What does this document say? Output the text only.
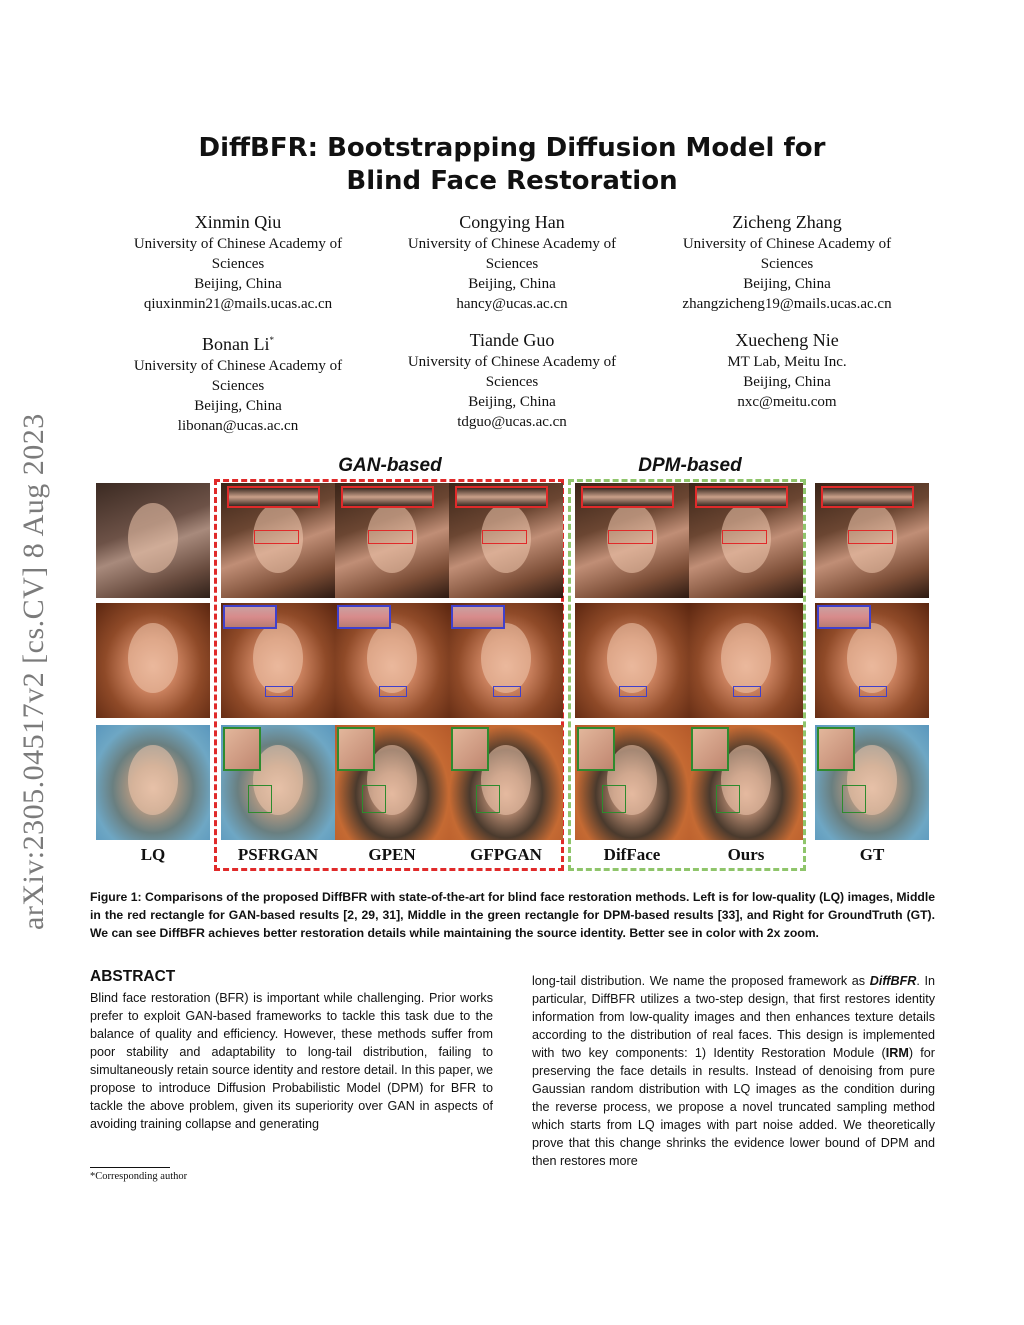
arXiv:2305.04517v2 [cs.CV] 8 Aug 2023
DiffBFR: Bootstrapping Diffusion Model for
Blind Face Restoration
Xinmin Qiu
University of Chinese Academy of
Sciences
Beijing, China
qiuxinmin21@mails.ucas.ac.cn
Congying Han
University of Chinese Academy of
Sciences
Beijing, China
hancy@ucas.ac.cn
Zicheng Zhang
University of Chinese Academy of
Sciences
Beijing, China
zhangzicheng19@mails.ucas.ac.cn
Bonan Li*
University of Chinese Academy of
Sciences
Beijing, China
libonan@ucas.ac.cn
Tiande Guo
University of Chinese Academy of
Sciences
Beijing, China
tdguo@ucas.ac.cn
Xuecheng Nie
MT Lab, Meitu Inc.
Beijing, China
nxc@meitu.com
GAN-based	DPM-based
LQ	PSFRGAN	GPEN	GFPGAN	DifFace	Ours	GT
Figure 1: Comparisons of the proposed DiffBFR with state-of-the-art for blind face restoration methods. Left is for low-quality (LQ) images, Middle in the red rectangle for GAN-based results [2, 29, 31], Middle in the green rectangle for DPM-based results [33], and Right for GroundTruth (GT). We can see DiffBFR achieves better restoration details while maintaining the source identity. Better see in color with 2x zoom.
ABSTRACT

Blind face restoration (BFR) is important while challenging. Prior works prefer to exploit GAN-based frameworks to tackle this task due to the balance of quality and efficiency. However, these methods suffer from poor stability and adaptability to long-tail distribution, failing to simultaneously retain source identity and restore detail. In this paper, we propose to introduce Diffusion Probabilistic Model (DPM) for BFR to tackle the above problem, given its superiority over GAN in aspects of avoiding training collapse and generating

long-tail distribution. We name the proposed framework as DiffBFR. In particular, DiffBFR utilizes a two-step design, that first restores identity information from low-quality images and then enhances texture details according to the distribution of real faces. This design is implemented with two key components: 1) Identity Restoration Module (IRM) for preserving the face details in results. Instead of denoising from pure Gaussian random distribution with LQ images as the condition during the reverse process, we propose a novel truncated sampling method which starts from LQ images with part noise added. We theoretically prove that this change shrinks the evidence lower bound of DPM and then restores more

*Corresponding author
